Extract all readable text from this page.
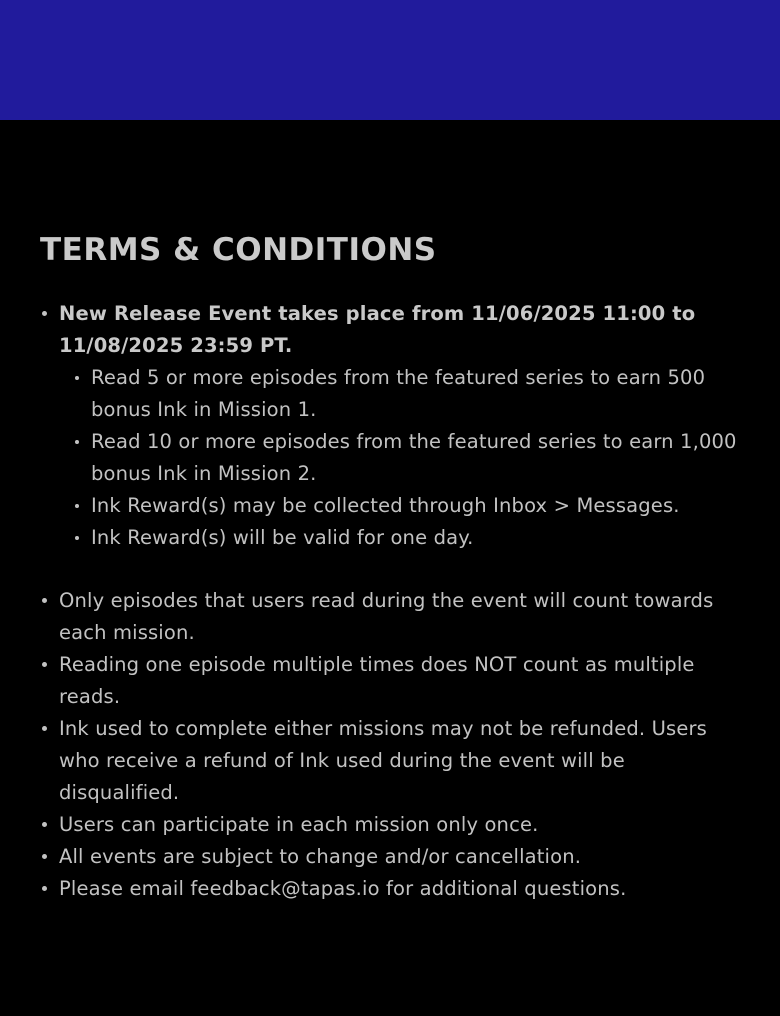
TERMS & CONDITIONS
New Release Event takes place from 11/06/2025 11:00 to 11/08/2025 23:59 PT.
Read 5 or more episodes from the featured series to earn 500 bonus Ink in Mission 1.
Read 10 or more episodes from the featured series to earn 1,000 bonus Ink in Mission 2.
Ink Reward(s) may be collected through Inbox > Messages.
Ink Reward(s) will be valid for one day.
Only episodes that users read during the event will count towards each mission.
Reading one episode multiple times does NOT count as multiple reads.
Ink used to complete either missions may not be refunded. Users who receive a refund of Ink used during the event will be disqualified.
Users can participate in each mission only once.
All events are subject to change and/or cancellation.
Please email feedback@tapas.io for additional questions.
